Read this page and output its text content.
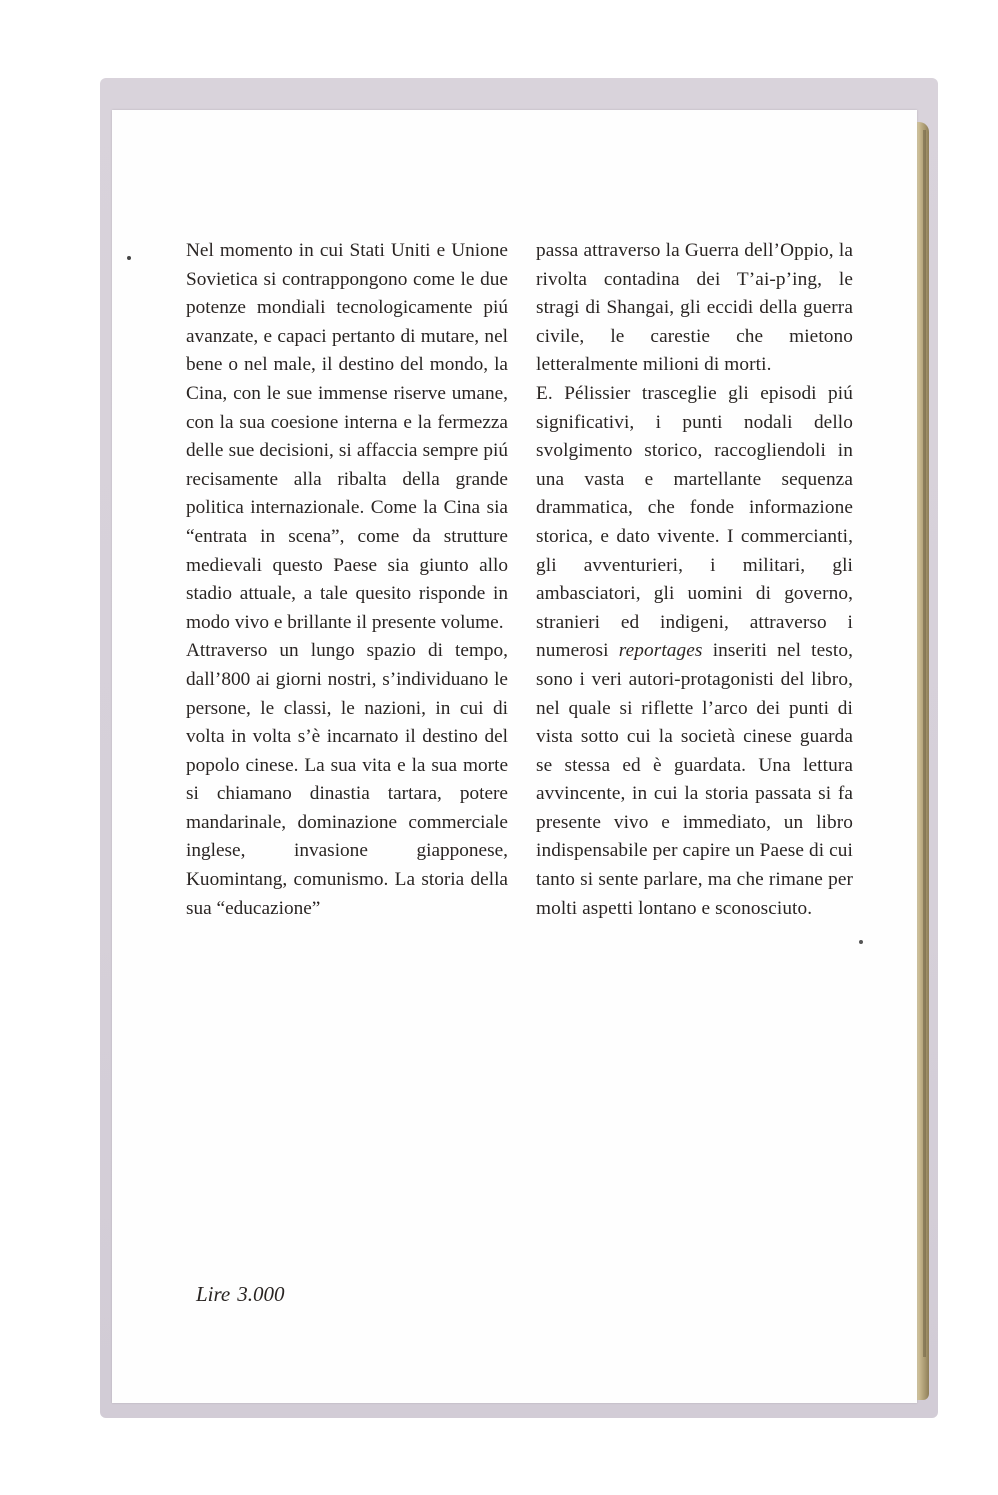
Nel momento in cui Stati Uniti e Unione Sovietica si contrappongono come le due potenze mondiali tecnologicamente piú avanzate, e capaci pertanto di mutare, nel bene o nel male, il destino del mondo, la Cina, con le sue immense riserve umane, con la sua coesione interna e la fermezza delle sue decisioni, si affaccia sempre piú recisamente alla ribalta della grande politica internazionale. Come la Cina sia “entrata in scena”, come da strutture medievali questo Paese sia giunto allo stadio attuale, a tale quesito risponde in modo vivo e brillante il presente volume.

Attraverso un lungo spazio di tempo, dall’800 ai giorni nostri, s’individuano le persone, le classi, le nazioni, in cui di volta in volta s’è incarnato il destino del popolo cinese. La sua vita e la sua morte si chiamano dinastia tartara, potere mandarinale, dominazione commerciale inglese, invasione giapponese, Kuomintang, comunismo. La storia della sua “educazione”

passa attraverso la Guerra dell’Oppio, la rivolta contadina dei T’ai-p’ing, le stragi di Shangai, gli eccidi della guerra civile, le carestie che mietono letteralmente milioni di morti.

E. Pélissier trasceglie gli episodi piú significativi, i punti nodali dello svolgimento storico, raccogliendoli in una vasta e martellante sequenza drammatica, che fonde informazione storica, e dato vivente. I commercianti, gli avventurieri, i militari, gli ambasciatori, gli uomini di governo, stranieri ed indigeni, attraverso i numerosi reportages inseriti nel testo, sono i veri autori-protagonisti del libro, nel quale si riflette l’arco dei punti di vista sotto cui la società cinese guarda se stessa ed è guardata. Una lettura avvincente, in cui la storia passata si fa presente vivo e immediato, un libro indispensabile per capire un Paese di cui tanto si sente parlare, ma che rimane per molti aspetti lontano e sconosciuto.

Lire 3.000
